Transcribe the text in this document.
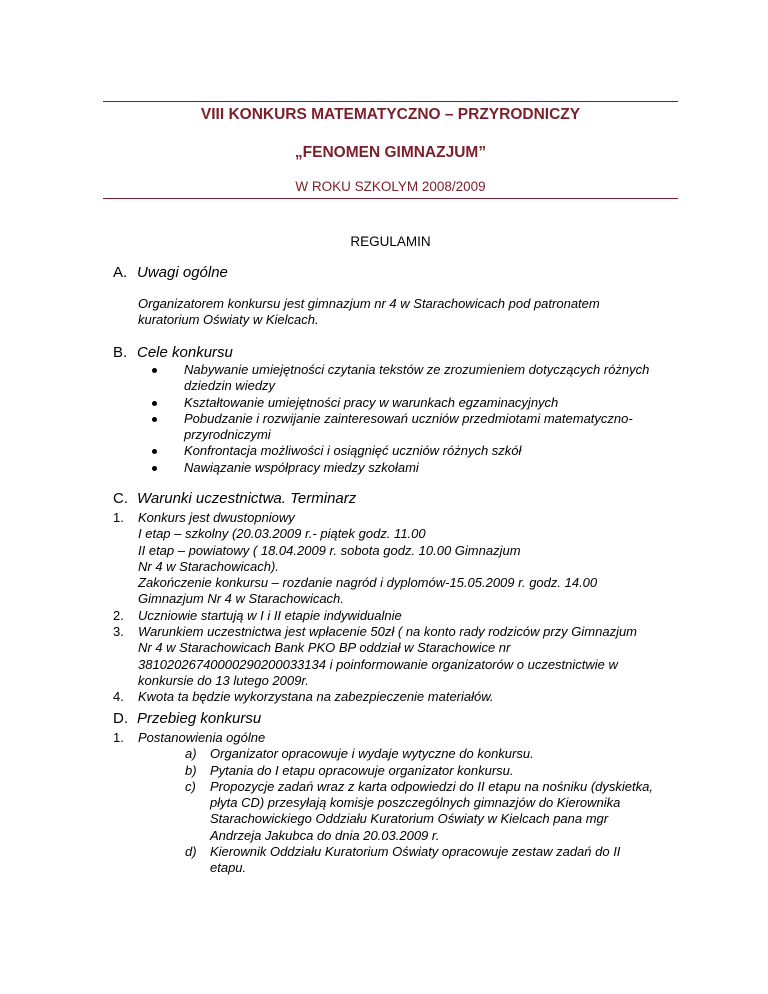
VIII KONKURS MATEMATYCZNO – PRZYRODNICZY
„FENOMEN GIMNAZJUM”
W ROKU SZKOLYM 2008/2009
REGULAMIN
A. Uwagi ogólne
Organizatorem konkursu jest gimnazjum nr 4 w Starachowicach pod patronatem kuratorium Oświaty w Kielcach.
B. Cele konkursu
Nabywanie umiejętności czytania tekstów ze zrozumieniem dotyczących różnych dziedzin wiedzy
Kształtowanie umiejętności pracy w warunkach egzaminacyjnych
Pobudzanie i rozwijanie zainteresowań uczniów przedmiotami matematyczno-przyrodniczymi
Konfrontacja możliwości i osiągnięć uczniów różnych szkół
Nawiązanie współpracy miedzy szkołami
C. Warunki uczestnictwa. Terminarz
1. Konkurs jest dwustopniowy
I etap – szkolny (20.03.2009 r.- piątek godz. 11.00
II etap – powiatowy ( 18.04.2009 r. sobota godz. 10.00 Gimnazjum Nr 4 w Starachowicach).
Zakończenie konkursu – rozdanie nagród i dyplomów-15.05.2009 r. godz. 14.00 Gimnazjum Nr 4 w Starachowicach.
2. Uczniowie startują w I i II etapie indywidualnie
3. Warunkiem uczestnictwa jest wpłacenie 50zł ( na konto rady rodziców przy Gimnazjum Nr 4 w Starachowicach Bank PKO BP oddział w Starachowice nr 38102026740000290200033134 i poinformowanie organizatorów o uczestnictwie w konkursie do 13 lutego 2009r.
4. Kwota ta będzie wykorzystana na zabezpieczenie materiałów.
D. Przebieg konkursu
1. Postanowienia ogólne
a) Organizator opracowuje i wydaje wytyczne do konkursu.
b) Pytania do I etapu opracowuje organizator konkursu.
c) Propozycje zadań wraz z karta odpowiedzi do II etapu na nośniku (dyskietka, płyta CD) przesyłają komisje poszczególnych gimnazjów do Kierownika Starachowickiego Oddziału Kuratorium Oświaty w Kielcach pana mgr Andrzeja Jakubca do dnia 20.03.2009 r.
d) Kierownik Oddziału Kuratorium Oświaty opracowuje zestaw zadań do II etapu.
